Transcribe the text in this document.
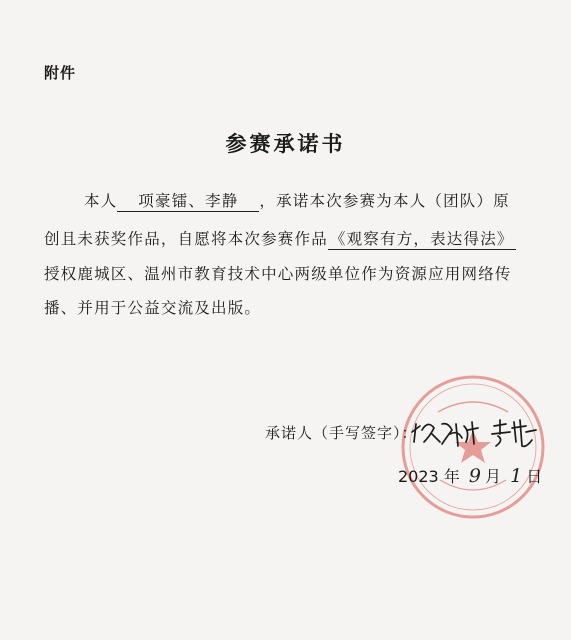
附件
参赛承诺书
本人 项豪镭、李静 ，承诺本次参赛为本人（团队）原
创且未获奖作品，自愿将本次参赛作品 《观察有方，表达得法》
授权鹿城区、温州市教育技术中心两级单位作为资源应用网络传
播、并用于公益交流及出版。
承诺人（手写签字）：
2023 年 9 月 1 日
